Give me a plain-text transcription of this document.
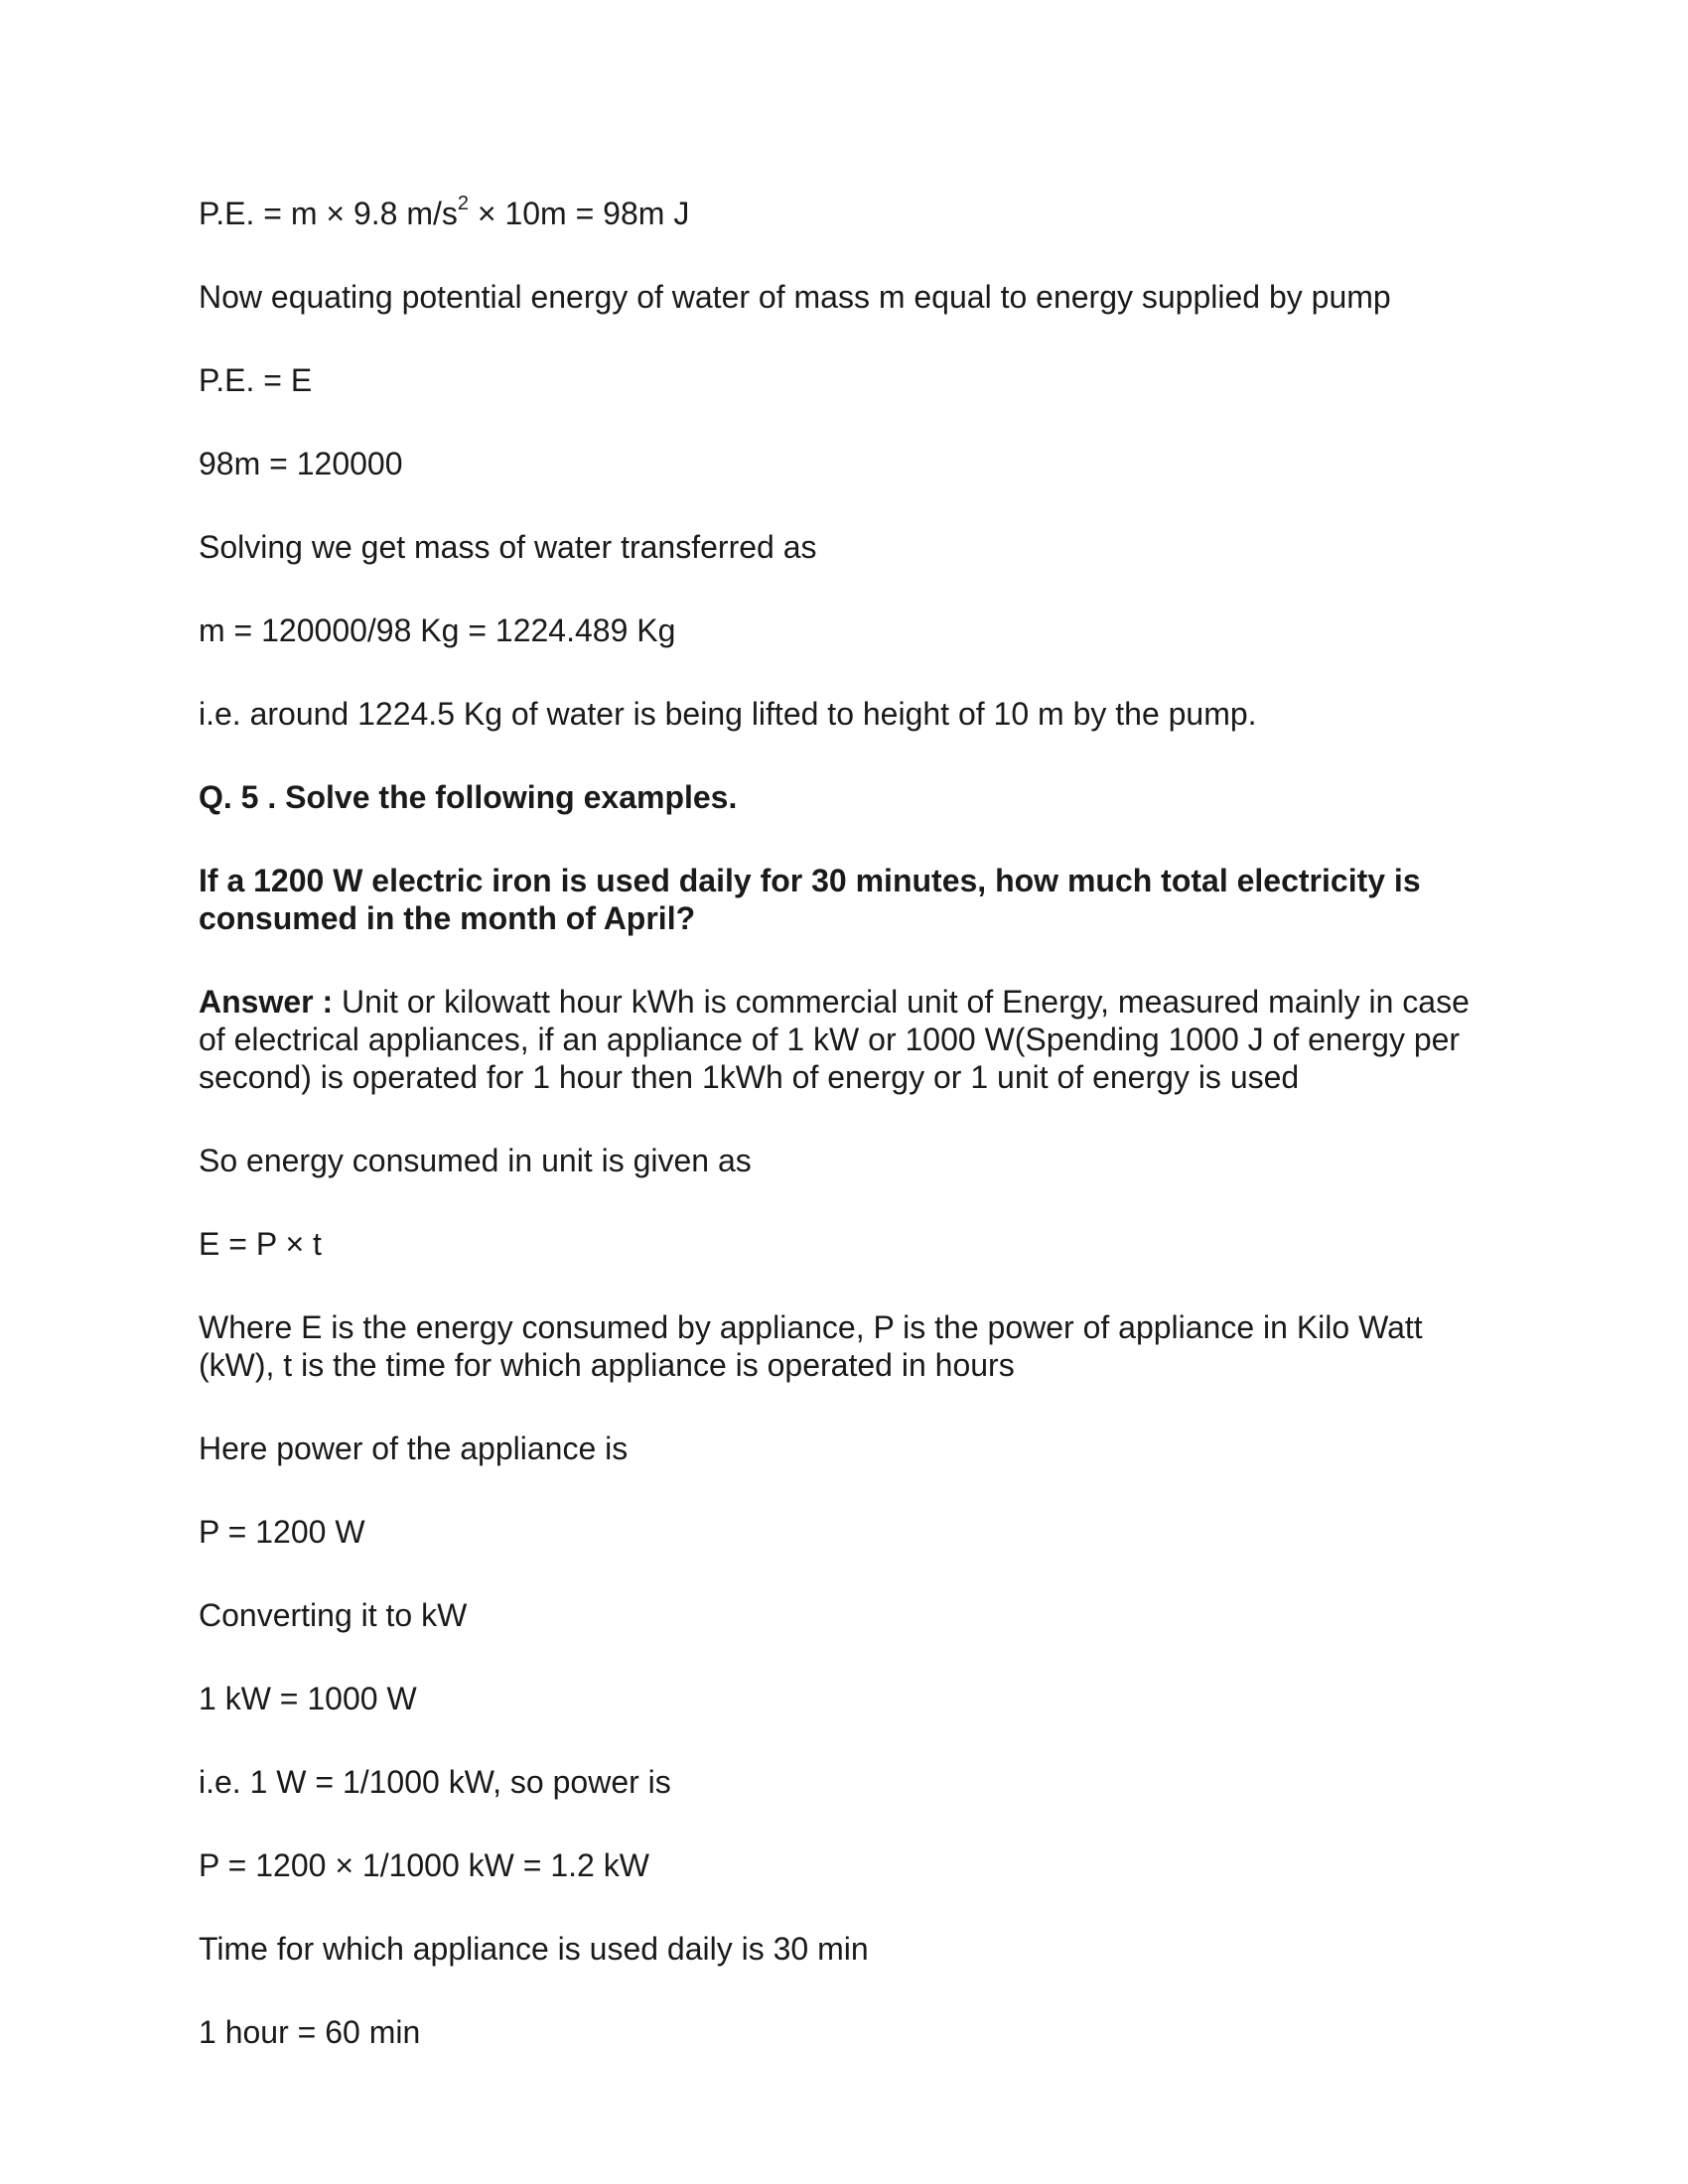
P.E. = m × 9.8 $m/s^2 \times 10m = 98m$ J

Now equating potential energy of water of mass m equal to energy supplied by pump

P.E. = E

98m = 120000

Solving we get mass of water transferred as

m = 120000/98 Kg = 1224.489 Kg

i.e. around 1224.5 Kg of water is being lifted to height of 10 m by the pump.

Q. 5 . Solve the following examples.

If a 1200 W electric iron is used daily for 30 minutes, how much total electricity is consumed in the month of April?

Answer : Unit or kilowatt hour kWh is commercial unit of Energy, measured mainly in case of electrical appliances, if an appliance of 1 kW or 1000 W(Spending 1000 J of energy per second) is operated for 1 hour then 1kWh of energy or 1 unit of energy is used

So energy consumed in unit is given as

E = P × t

Where E is the energy consumed by appliance, P is the power of appliance in Kilo Watt (kW), t is the time for which appliance is operated in hours

Here power of the appliance is

P = 1200 W

Converting it to kW

1 kW = 1000 W

i.e. 1 W = 1/1000 kW, so power is

P = 1200 × 1/1000 kW = 1.2 kW

Time for which appliance is used daily is 30 min

1 hour = 60 min
